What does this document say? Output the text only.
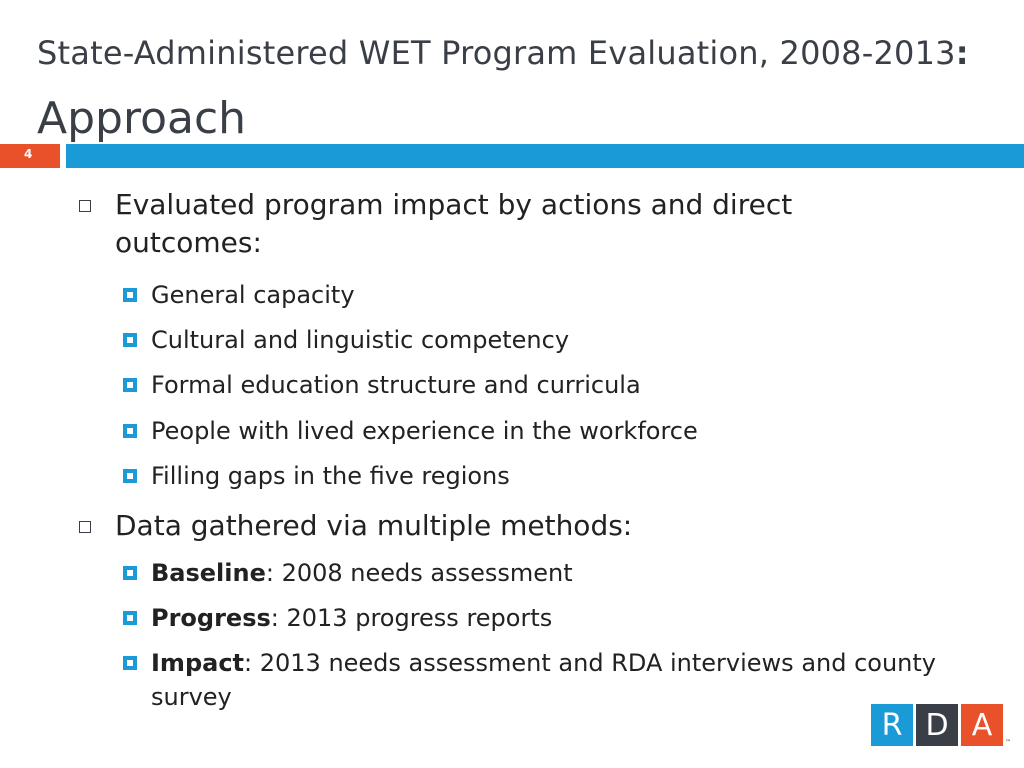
State-Administered WET Program Evaluation, 2008-2013:
Approach
4
Evaluated program impact by actions and direct outcomes:
General capacity
Cultural and linguistic competency
Formal education structure and curricula
People with lived experience in the workforce
Filling gaps in the five regions
Data gathered via multiple methods:
Baseline: 2008 needs assessment
Progress: 2013 progress reports
Impact: 2013 needs assessment and RDA interviews and county survey
R D A	™
